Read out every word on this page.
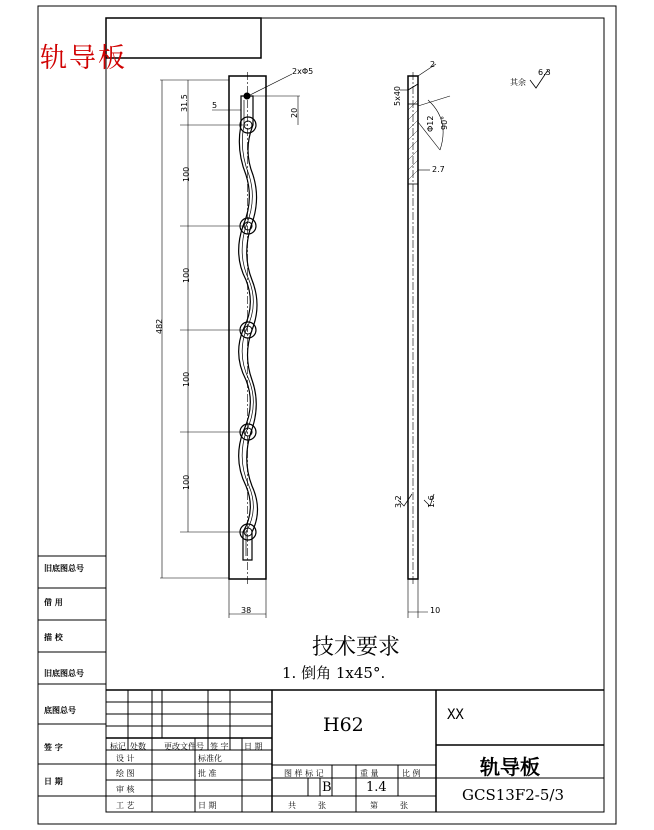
轨导板	2xΦ5
31.5	5
20
100
100
100
100
482
38
2
5x40
Φ12 90°
2.7
10
6.3
其余
3.2	1.6
技术要求
1. 倒角 1x45°.
旧底图总号
借 用
描 校
旧底图总号
底图总号
签 字
日 期
H62	XX
轨导板
GCS13F2-5/3
标记 处数 更改文件号 签 字 日 期
设 计	标准化
绘 图	批 准
审 核
工 艺	日 期
图 样 标 记	重 量	比 例
B	1.4
共	张	第	张
